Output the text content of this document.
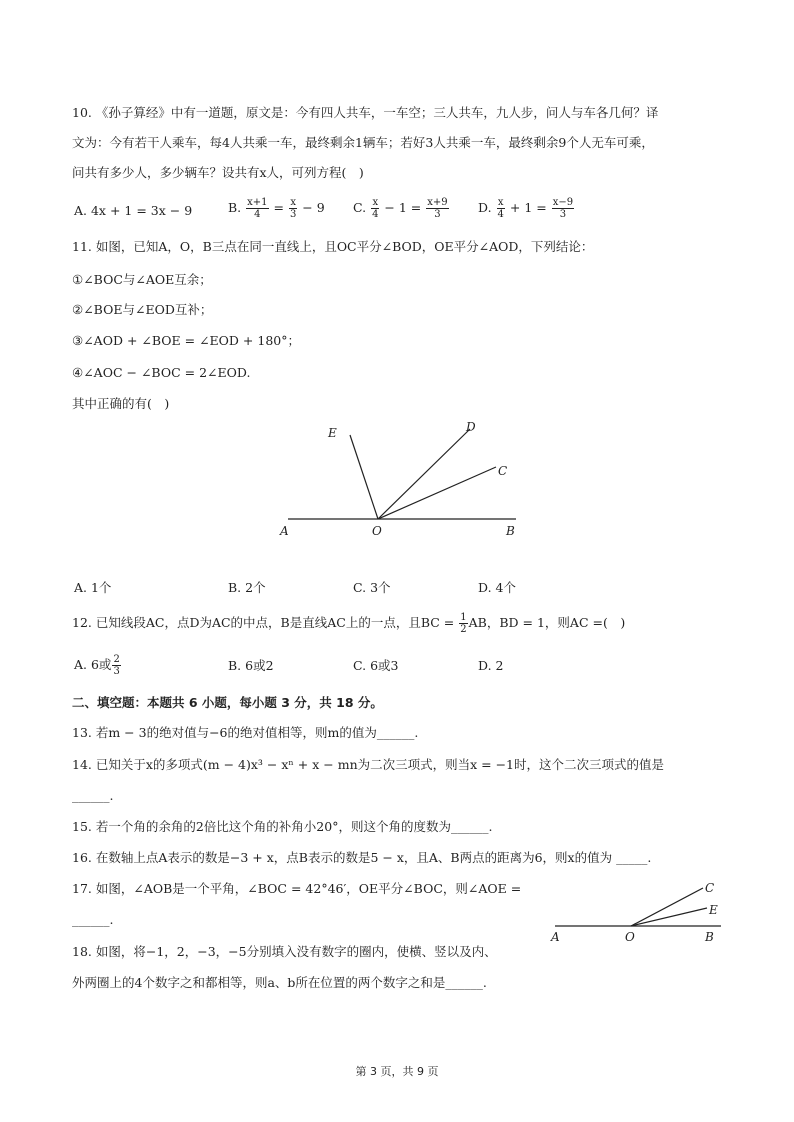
10. 《孙子算经》中有一道题，原文是：今有四人共车，一车空；三人共车，九人步，问人与车各几何？译
文为：今有若干人乘车，每4人共乘一车，最终剩余1辆车；若好3人共乘一车，最终剩余9个人无车可乘，
问共有多少人，多少辆车？设共有x人，可列方程(　)
A. 4x + 1 = 3x − 9	B. $\frac{x+1}{4} = \frac{x}{3} - 9$ C. $\frac{x}{4} - 1 = \frac{x+9}{3} D$. $\frac{x}{4} + 1 = \frac{x-9}{3}$
11. 如图，已知A，O，B三点在同一直线上，且OC平分∠BOD，OE平分∠AOD，下列结论：
①∠BOC与∠AOE互余；
②∠BOE与∠EOD互补；
③∠AOD + ∠BOE = ∠EOD + 180°；
④∠AOC − ∠BOC = 2∠EOD.
其中正确的有(　)
A	O	B
E	D
C
A. 1个	B. 2个	C. 3个	D. 4个
12. 已知线段AC，点D为AC的中点，B是直线AC上的一点，且BC = $\frac{1}{2}$ AB，BD = 1，则AC =(　)
A. 6或 $\frac{2}{3}$	B. 6或2	C. 6或3	D. 2
二、填空题：本题共 6 小题，每小题 3 分，共 18 分。
13. 若m − 3的绝对值与−6的绝对值相等，则m的值为______.
14. 已知关于x的多项式(m − 4)x³ − xⁿ + x − mn为二次三项式，则当x = −1时，这个二次三项式的值是
______.
15. 若一个角的余角的2倍比这个角的补角小20°，则这个角的度数为______.
16. 在数轴上点A表示的数是−3 + x，点B表示的数是5 − x，且A、B两点的距离为6，则x的值为 _____.
17. 如图，∠AOB是一个平角，∠BOC = 42°46′，OE平分∠BOC，则∠AOE =
______.
A	O	B
C
E
18. 如图，将−1，2，−3，−5分别填入没有数字的圈内，使横、竖以及内、
外两圈上的4个数字之和都相等，则a、b所在位置的两个数字之和是______.
第 3 页，共 9 页
